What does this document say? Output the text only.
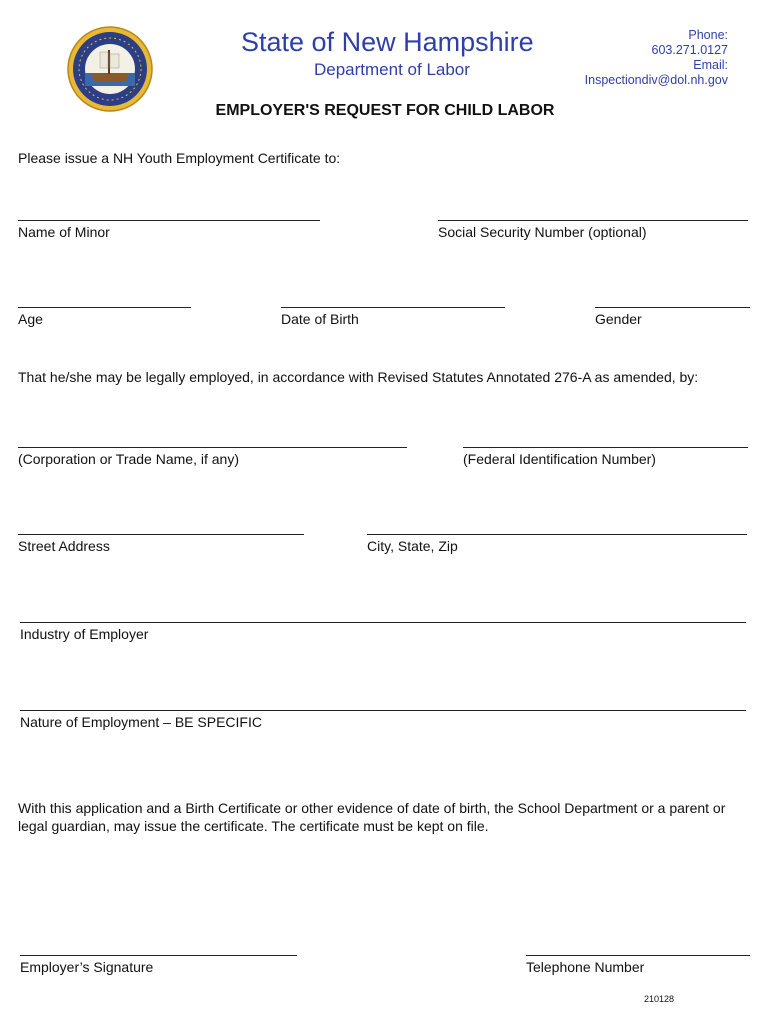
State of New Hampshire
Department of Labor
Phone:
603.271.0127
Email:
Inspectiondiv@dol.nh.gov
EMPLOYER'S REQUEST FOR CHILD LABOR
Please issue a NH Youth Employment Certificate to:
Name of Minor	Social Security Number (optional)
Age	Date of Birth	Gender
That he/she may be legally employed, in accordance with Revised Statutes Annotated 276-A as amended, by:
(Corporation or Trade Name, if any)	(Federal Identification Number)
Street Address	City, State, Zip
Industry of Employer
Nature of Employment – BE SPECIFIC
With this application and a Birth Certificate or other evidence of date of birth, the School Department or a parent or legal guardian, may issue the certificate. The certificate must be kept on file.
Employer’s Signature	Telephone Number
210128
